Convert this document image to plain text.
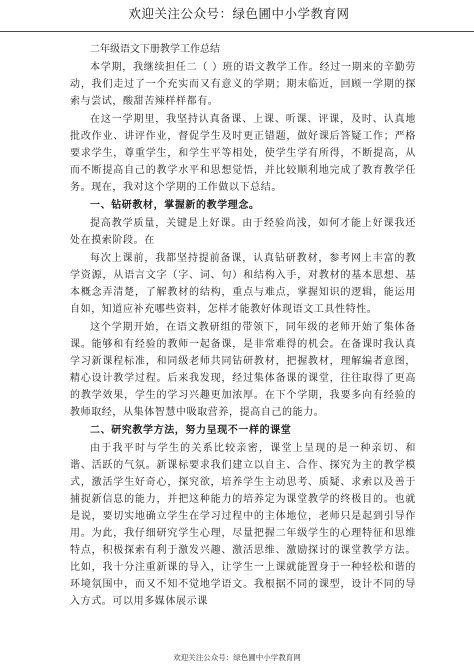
欢迎关注公众号：绿色圃中小学教育网
二年级语文下册教学工作总结

本学期，我继续担任二（ ）班的语文教学工作。经过一期来的辛勤劳动，我们走过了一个充实而又有意义的学期；期末临近，回顾一学期的探索与尝试，酸甜苦辣样样都有。

在这一学期里，我坚持认真备课、上课、听课、评课，及时、认真地批改作业、讲评作业，督促学生及时更正错题，做好课后答疑工作；严格要求学生，尊重学生，和学生平等相处，使学生学有所得，不断提高，从而不断提高自己的教学水平和思想觉悟，并比较顺利地完成了教育教学任务。现在，我对这个学期的工作做以下总结。

一、钻研教材，掌握新的教学理念。

提高教学质量，关键是上好课。由于经验尚浅，如何才能上好课我还处在摸索阶段。在

每次上课前，我都坚持提前备课，认真钻研教材，参考网上丰富的教学资源，从语言文字（字、词、句）和结构入手，对教材的基本思想、基本概念弄清楚，了解教材的结构，重点与难点，掌握知识的逻辑，能运用自如，知道应补充哪些资料，怎样才能教好体现语文工具性特性。

这个学期开始，在语文教研组的带领下，同年级的老师开始了集体备课。能够和有经验的教师一起备课，是非常难得的机会。在备课时我认真学习新课程标准，和同级老师共同钻研教材，把握教材，理解编者意图，精心设计教学过程。后来我发现，经过集体备课的课堂，往往取得了更高的教学效果，学生的学习兴趣更加浓厚。在下个学期，我要多向有经验的教师取经，从集体智慧中吸取营养，提高自己的能力。

二、研究教学方法，努力呈现不一样的课堂

由于我平时与学生的关系比较亲密，课堂上呈现的是一种亲切、和谐、活跃的气氛。新课标要求我们建立以自主、合作、探究为主的教学模式，激活学生好奇心，探究欲，培养学生主动思考、质疑、求索以及善于捕捉新信息的能力，并把这种能力的培养定为课堂教学的终极目的。也就是说，要切实地确立学生在学习过程中的主体地位，老师只是起到引导作用。为此，我仔细研究学生心理，尽量把握二年级学生的心理特征和思维特点，积极探索有利于激发兴趣、激活思维、激励探讨的课堂教学方法。比如，我十分注重新课的导入，让学生一上课就能置身于一种轻松和谐的环境氛围中，而又不知不觉地学语文。我根据不同的课型，设计不同的导入方式。可以用多媒体展示课

欢迎关注公众号：绿色圃中小学教育网
